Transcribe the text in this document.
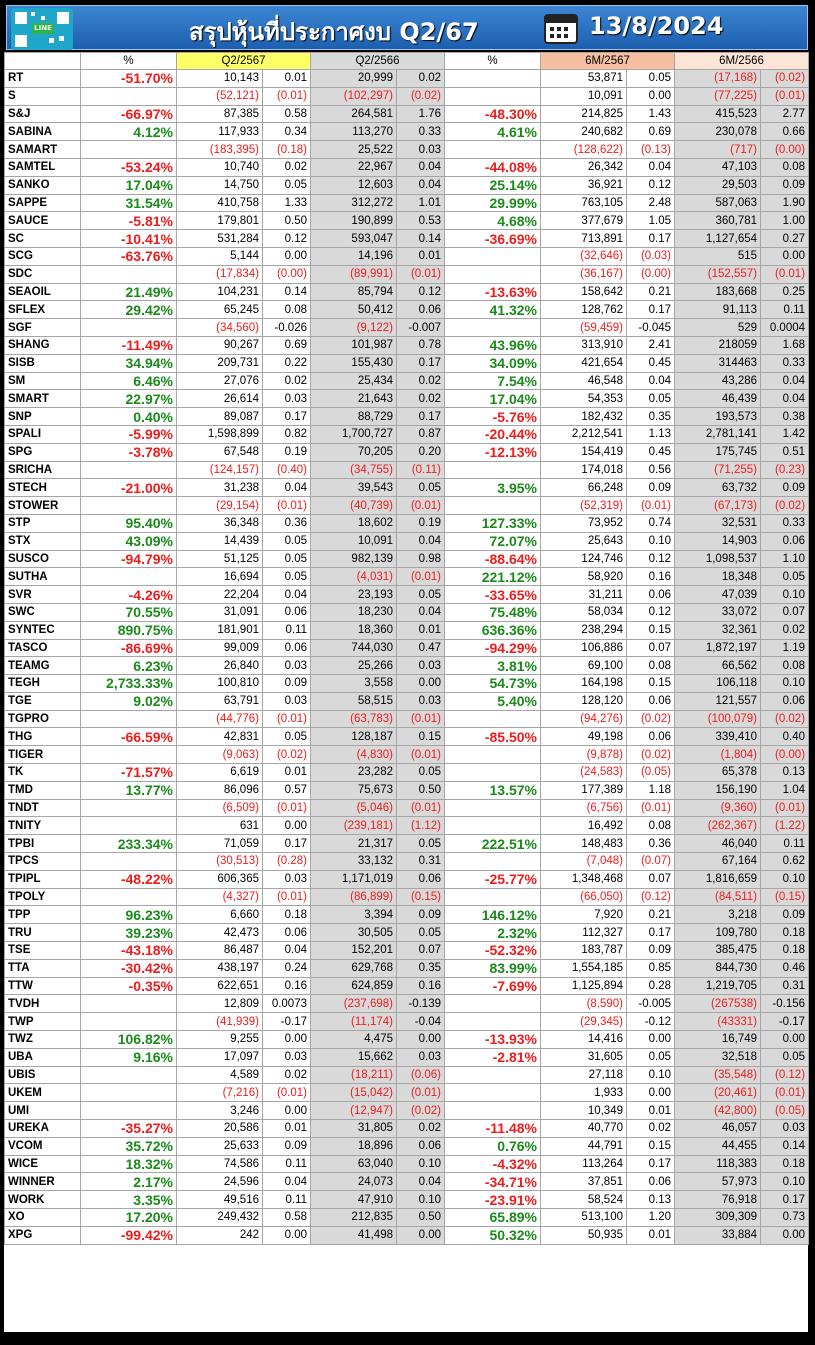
LINE	สรุปหุ้นที่ประกาศงบ Q2/67	13/8/2024
	%	Q2/2567		Q2/2566		%	6M/2567		6M/2566	
RT	-51.70%	10,143	0.01	20,999	0.02		53,871	0.05	(17,168)	(0.02)
S		(52,121)	(0.01)	(102,297)	(0.02)		10,091	0.00	(77,225)	(0.01)
S&J	-66.97%	87,385	0.58	264,581	1.76	-48.30%	214,825	1.43	415,523	2.77
SABINA	4.12%	117,933	0.34	113,270	0.33	4.61%	240,682	0.69	230,078	0.66
SAMART		(183,395)	(0.18)	25,522	0.03		(128,622)	(0.13)	(717)	(0.00)
SAMTEL	-53.24%	10,740	0.02	22,967	0.04	-44.08%	26,342	0.04	47,103	0.08
SANKO	17.04%	14,750	0.05	12,603	0.04	25.14%	36,921	0.12	29,503	0.09
SAPPE	31.54%	410,758	1.33	312,272	1.01	29.99%	763,105	2.48	587,063	1.90
SAUCE	-5.81%	179,801	0.50	190,899	0.53	4.68%	377,679	1.05	360,781	1.00
SC	-10.41%	531,284	0.12	593,047	0.14	-36.69%	713,891	0.17	1,127,654	0.27
SCG	-63.76%	5,144	0.00	14,196	0.01		(32,646)	(0.03)	515	0.00
SDC		(17,834)	(0.00)	(89,991)	(0.01)		(36,167)	(0.00)	(152,557)	(0.01)
SEAOIL	21.49%	104,231	0.14	85,794	0.12	-13.63%	158,642	0.21	183,668	0.25
SFLEX	29.42%	65,245	0.08	50,412	0.06	41.32%	128,762	0.17	91,113	0.11
SGF		(34,560)	-0.026	(9,122)	-0.007		(59,459)	-0.045	529	0.0004
SHANG	-11.49%	90,267	0.69	101,987	0.78	43.96%	313,910	2.41	218059	1.68
SISB	34.94%	209,731	0.22	155,430	0.17	34.09%	421,654	0.45	314463	0.33
SM	6.46%	27,076	0.02	25,434	0.02	7.54%	46,548	0.04	43,286	0.04
SMART	22.97%	26,614	0.03	21,643	0.02	17.04%	54,353	0.05	46,439	0.04
SNP	0.40%	89,087	0.17	88,729	0.17	-5.76%	182,432	0.35	193,573	0.38
SPALI	-5.99%	1,598,899	0.82	1,700,727	0.87	-20.44%	2,212,541	1.13	2,781,141	1.42
SPG	-3.78%	67,548	0.19	70,205	0.20	-12.13%	154,419	0.45	175,745	0.51
SRICHA		(124,157)	(0.40)	(34,755)	(0.11)		174,018	0.56	(71,255)	(0.23)
STECH	-21.00%	31,238	0.04	39,543	0.05	3.95%	66,248	0.09	63,732	0.09
STOWER		(29,154)	(0.01)	(40,739)	(0.01)		(52,319)	(0.01)	(67,173)	(0.02)
STP	95.40%	36,348	0.36	18,602	0.19	127.33%	73,952	0.74	32,531	0.33
STX	43.09%	14,439	0.05	10,091	0.04	72.07%	25,643	0.10	14,903	0.06
SUSCO	-94.79%	51,125	0.05	982,139	0.98	-88.64%	124,746	0.12	1,098,537	1.10
SUTHA		16,694	0.05	(4,031)	(0.01)	221.12%	58,920	0.16	18,348	0.05
SVR	-4.26%	22,204	0.04	23,193	0.05	-33.65%	31,211	0.06	47,039	0.10
SWC	70.55%	31,091	0.06	18,230	0.04	75.48%	58,034	0.12	33,072	0.07
SYNTEC	890.75%	181,901	0.11	18,360	0.01	636.36%	238,294	0.15	32,361	0.02
TASCO	-86.69%	99,009	0.06	744,030	0.47	-94.29%	106,886	0.07	1,872,197	1.19
TEAMG	6.23%	26,840	0.03	25,266	0.03	3.81%	69,100	0.08	66,562	0.08
TEGH	2,733.33%	100,810	0.09	3,558	0.00	54.73%	164,198	0.15	106,118	0.10
TGE	9.02%	63,791	0.03	58,515	0.03	5.40%	128,120	0.06	121,557	0.06
TGPRO		(44,776)	(0.01)	(63,783)	(0.01)		(94,276)	(0.02)	(100,079)	(0.02)
THG	-66.59%	42,831	0.05	128,187	0.15	-85.50%	49,198	0.06	339,410	0.40
TIGER		(9,063)	(0.02)	(4,830)	(0.01)		(9,878)	(0.02)	(1,804)	(0.00)
TK	-71.57%	6,619	0.01	23,282	0.05		(24,583)	(0.05)	65,378	0.13
TMD	13.77%	86,096	0.57	75,673	0.50	13.57%	177,389	1.18	156,190	1.04
TNDT		(6,509)	(0.01)	(5,046)	(0.01)		(6,756)	(0.01)	(9,360)	(0.01)
TNITY		631	0.00	(239,181)	(1.12)		16,492	0.08	(262,367)	(1.22)
TPBI	233.34%	71,059	0.17	21,317	0.05	222.51%	148,483	0.36	46,040	0.11
TPCS		(30,513)	(0.28)	33,132	0.31		(7,048)	(0.07)	67,164	0.62
TPIPL	-48.22%	606,365	0.03	1,171,019	0.06	-25.77%	1,348,468	0.07	1,816,659	0.10
TPOLY		(4,327)	(0.01)	(86,899)	(0.15)		(66,050)	(0.12)	(84,511)	(0.15)
TPP	96.23%	6,660	0.18	3,394	0.09	146.12%	7,920	0.21	3,218	0.09
TRU	39.23%	42,473	0.06	30,505	0.05	2.32%	112,327	0.17	109,780	0.18
TSE	-43.18%	86,487	0.04	152,201	0.07	-52.32%	183,787	0.09	385,475	0.18
TTA	-30.42%	438,197	0.24	629,768	0.35	83.99%	1,554,185	0.85	844,730	0.46
TTW	-0.35%	622,651	0.16	624,859	0.16	-7.69%	1,125,894	0.28	1,219,705	0.31
TVDH		12,809	0.0073	(237,698)	-0.139		(8,590)	-0.005	(267538)	-0.156
TWP		(41,939)	-0.17	(11,174)	-0.04		(29,345)	-0.12	(43331)	-0.17
TWZ	106.82%	9,255	0.00	4,475	0.00	-13.93%	14,416	0.00	16,749	0.00
UBA	9.16%	17,097	0.03	15,662	0.03	-2.81%	31,605	0.05	32,518	0.05
UBIS		4,589	0.02	(18,211)	(0.06)		27,118	0.10	(35,548)	(0.12)
UKEM		(7,216)	(0.01)	(15,042)	(0.01)		1,933	0.00	(20,461)	(0.01)
UMI		3,246	0.00	(12,947)	(0.02)		10,349	0.01	(42,800)	(0.05)
UREKA	-35.27%	20,586	0.01	31,805	0.02	-11.48%	40,770	0.02	46,057	0.03
VCOM	35.72%	25,633	0.09	18,896	0.06	0.76%	44,791	0.15	44,455	0.14
WICE	18.32%	74,586	0.11	63,040	0.10	-4.32%	113,264	0.17	118,383	0.18
WINNER	2.17%	24,596	0.04	24,073	0.04	-34.71%	37,851	0.06	57,973	0.10
WORK	3.35%	49,516	0.11	47,910	0.10	-23.91%	58,524	0.13	76,918	0.17
XO	17.20%	249,432	0.58	212,835	0.50	65.89%	513,100	1.20	309,309	0.73
XPG	-99.42%	242	0.00	41,498	0.00	50.32%	50,935	0.01	33,884	0.00
